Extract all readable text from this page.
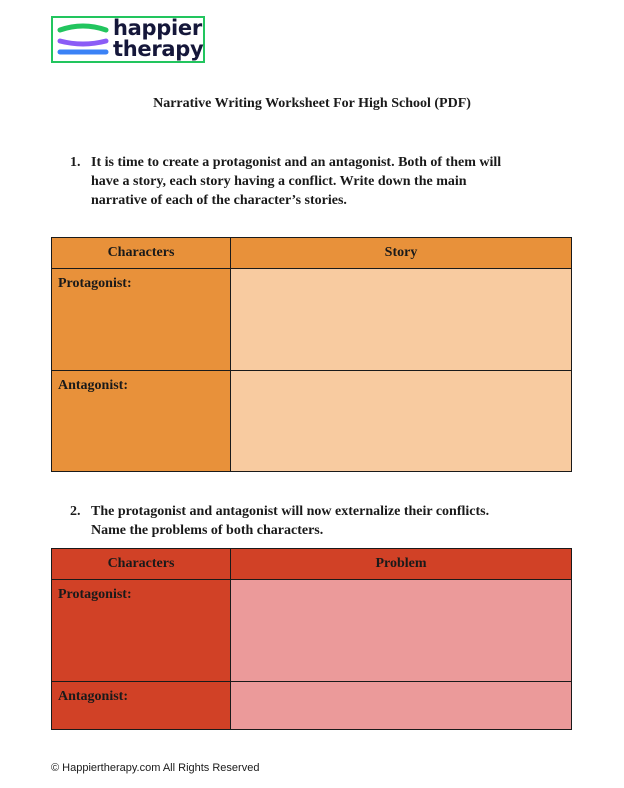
happier
therapy
Narrative Writing Worksheet For High School (PDF)
1. It is time to create a protagonist and an antagonist. Both of them will
have a story, each story having a conflict. Write down the main
narrative of each of the character’s stories.
Characters	Story
Protagonist:	
Antagonist:	
2. The protagonist and antagonist will now externalize their conflicts.
Name the problems of both characters.
Characters	Problem
Protagonist:	
Antagonist:	
© Happiertherapy.com All Rights Reserved
